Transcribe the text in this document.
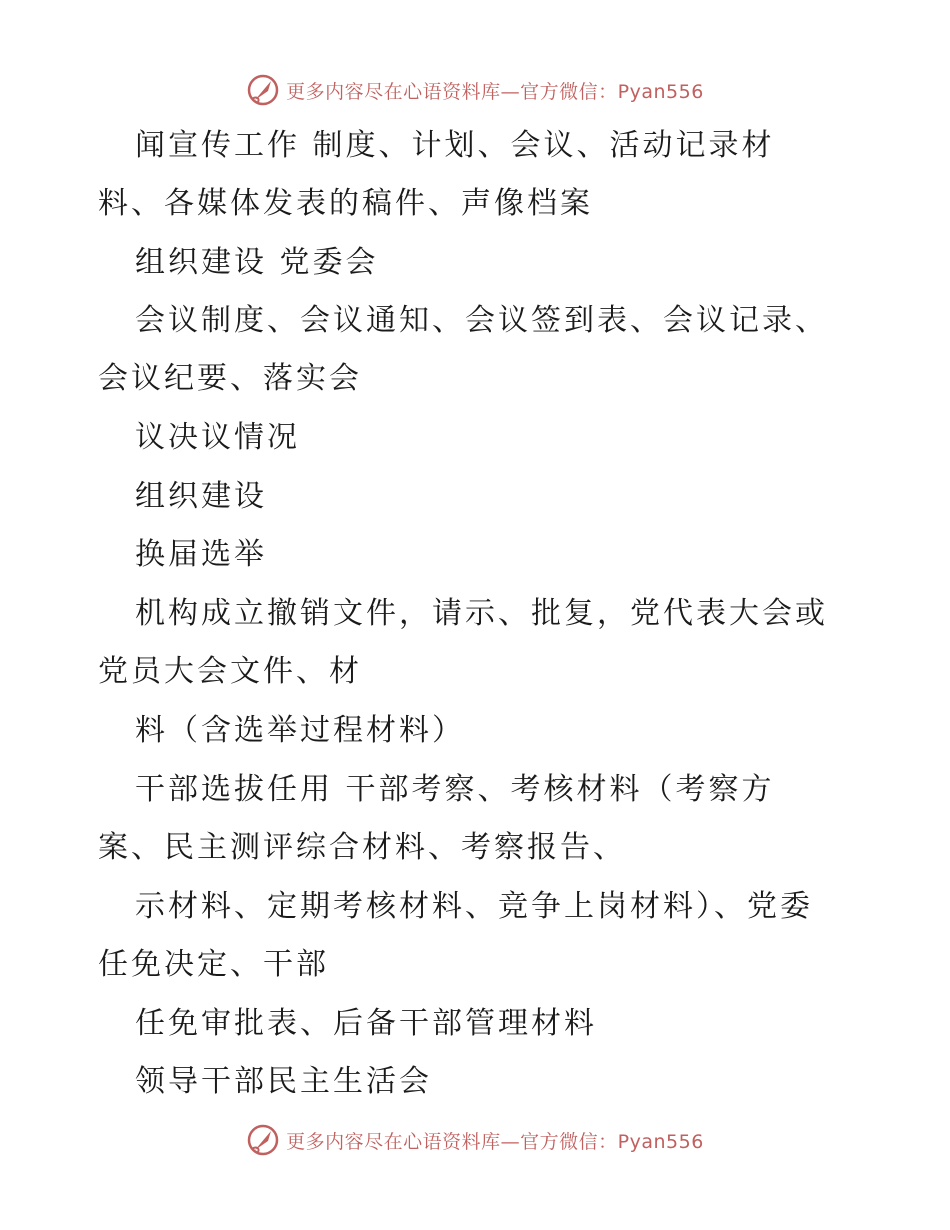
更多内容尽在心语资料库—官方微信：Pyan556
闻宣传工作 制度、计划、会议、活动记录材
料、各媒体发表的稿件、声像档案
组织建设 党委会
会议制度、会议通知、会议签到表、会议记录、
会议纪要、落实会
议决议情况
组织建设
换届选举
机构成立撤销文件，请示、批复，党代表大会或
党员大会文件、材
料（含选举过程材料）
干部选拔任用 干部考察、考核材料（考察方
案、民主测评综合材料、考察报告、
示材料、定期考核材料、竞争上岗材料）、党委
任免决定、干部
任免审批表、后备干部管理材料
领导干部民主生活会
更多内容尽在心语资料库—官方微信：Pyan556
